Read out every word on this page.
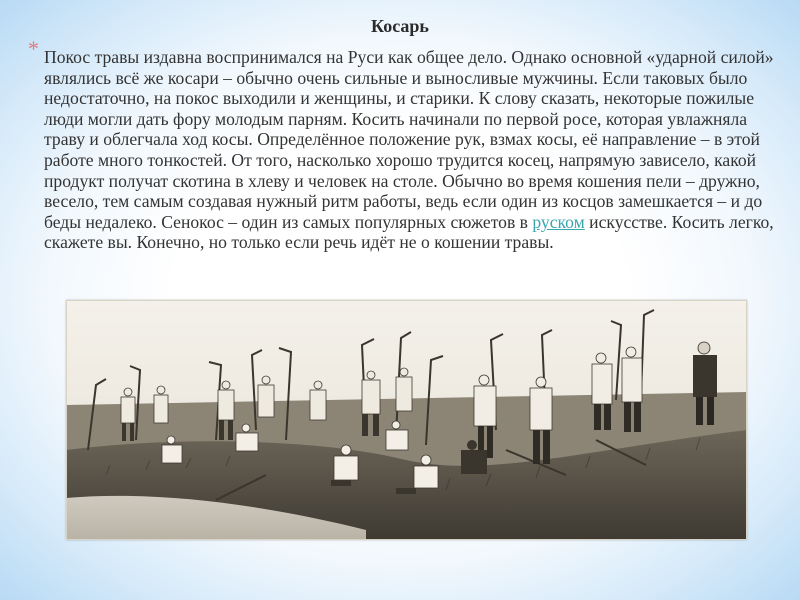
Косарь
* Покос травы издавна воспринимался на Руси как общее дело. Однако основной «ударной силой» являлись всё же косари – обычно очень сильные и выносливые мужчины. Если таковых было недостаточно, на покос выходили и женщины, и старики. К слову сказать, некоторые пожилые люди могли дать фору молодым парням. Косить начинали по первой росе, которая увлажняла траву и облегчала ход косы. Определённое положение рук, взмах косы, её направление – в этой работе много тонкостей. От того, насколько хорошо трудится косец, напрямую зависело, какой продукт получат скотина в хлеву и человек на столе. Обычно во время кошения пели – дружно, весело, тем самым создавая нужный ритм работы, ведь если один из косцов замешкается – и до беды недалеко. Сенокос – один из самых популярных сюжетов в руском искусстве. Косить легко, скажете вы. Конечно, но только если речь идёт не о кошении травы.
